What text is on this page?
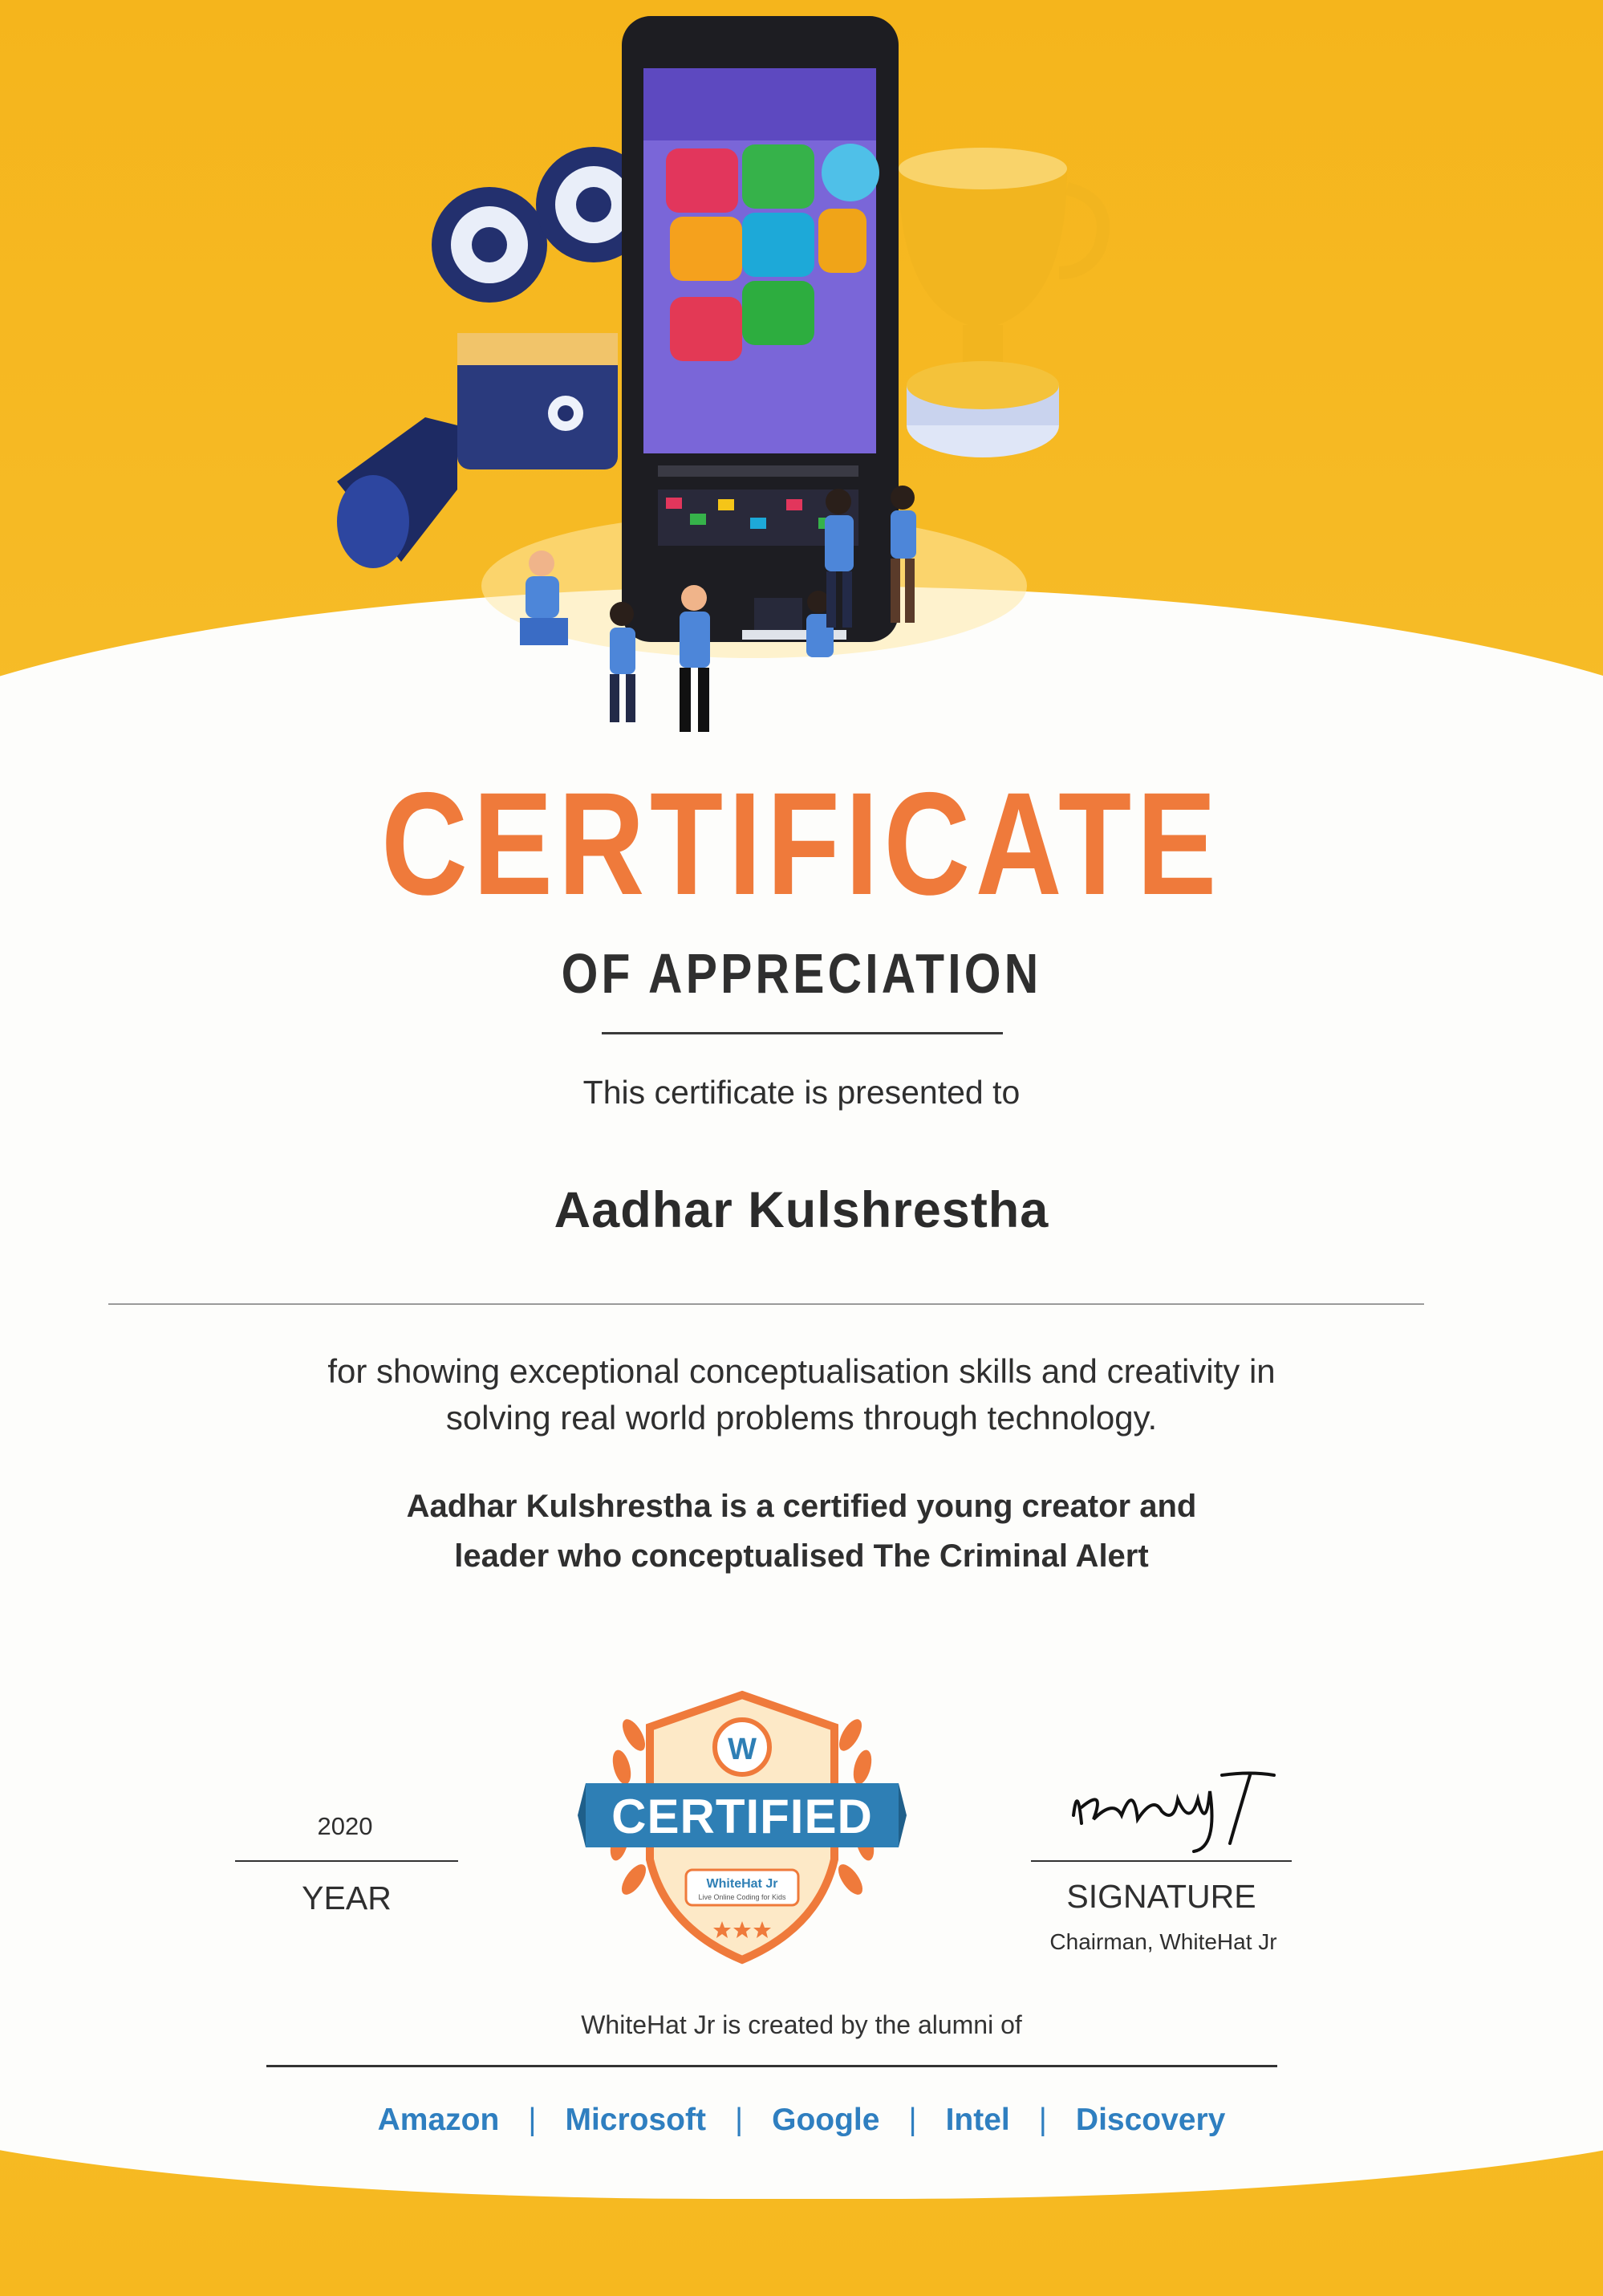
CERTIFICATE
OF APPRECIATION
This certificate is presented to
Aadhar Kulshrestha
for showing exceptional conceptualisation skills and creativity in
solving real world problems through technology.
Aadhar Kulshrestha is a certified young creator and
leader who conceptualised The Criminal Alert
2020
YEAR
W
CERTIFIED
WhiteHat Jr
Live Online Coding for Kids	SIGNATURE
Chairman, WhiteHat Jr
WhiteHat Jr is created by the alumni of
Amazon | Microsoft | Google | Intel | Discovery
